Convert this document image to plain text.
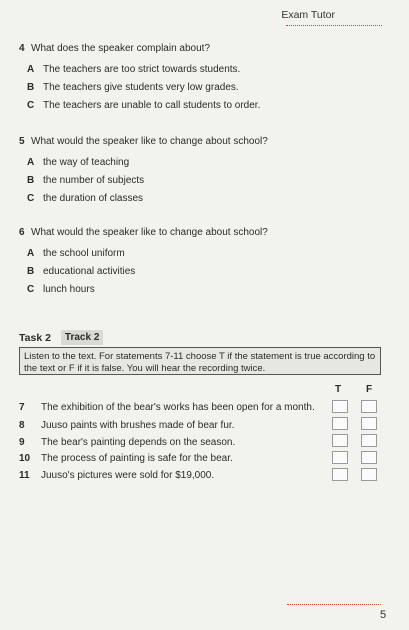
Exam Tutor
4 What does the speaker complain about?
A The teachers are too strict towards students.
B The teachers give students very low grades.
C The teachers are unable to call students to order.
5 What would the speaker like to change about school?
A the way of teaching
B the number of subjects
C the duration of classes
6 What would the speaker like to change about school?
A the school uniform
B educational activities
C lunch hours
Task 2	Track 2
Listen to the text. For statements 7-11 choose T if the statement is true according to the text or F if it is false. You will hear the recording twice.
T F
7	The exhibition of the bear's works has been open for a month.
8	Juuso paints with brushes made of bear fur.
9	The bear's painting depends on the season.
10	The process of painting is safe for the bear.
11	Juuso's pictures were sold for $19,000.
5
